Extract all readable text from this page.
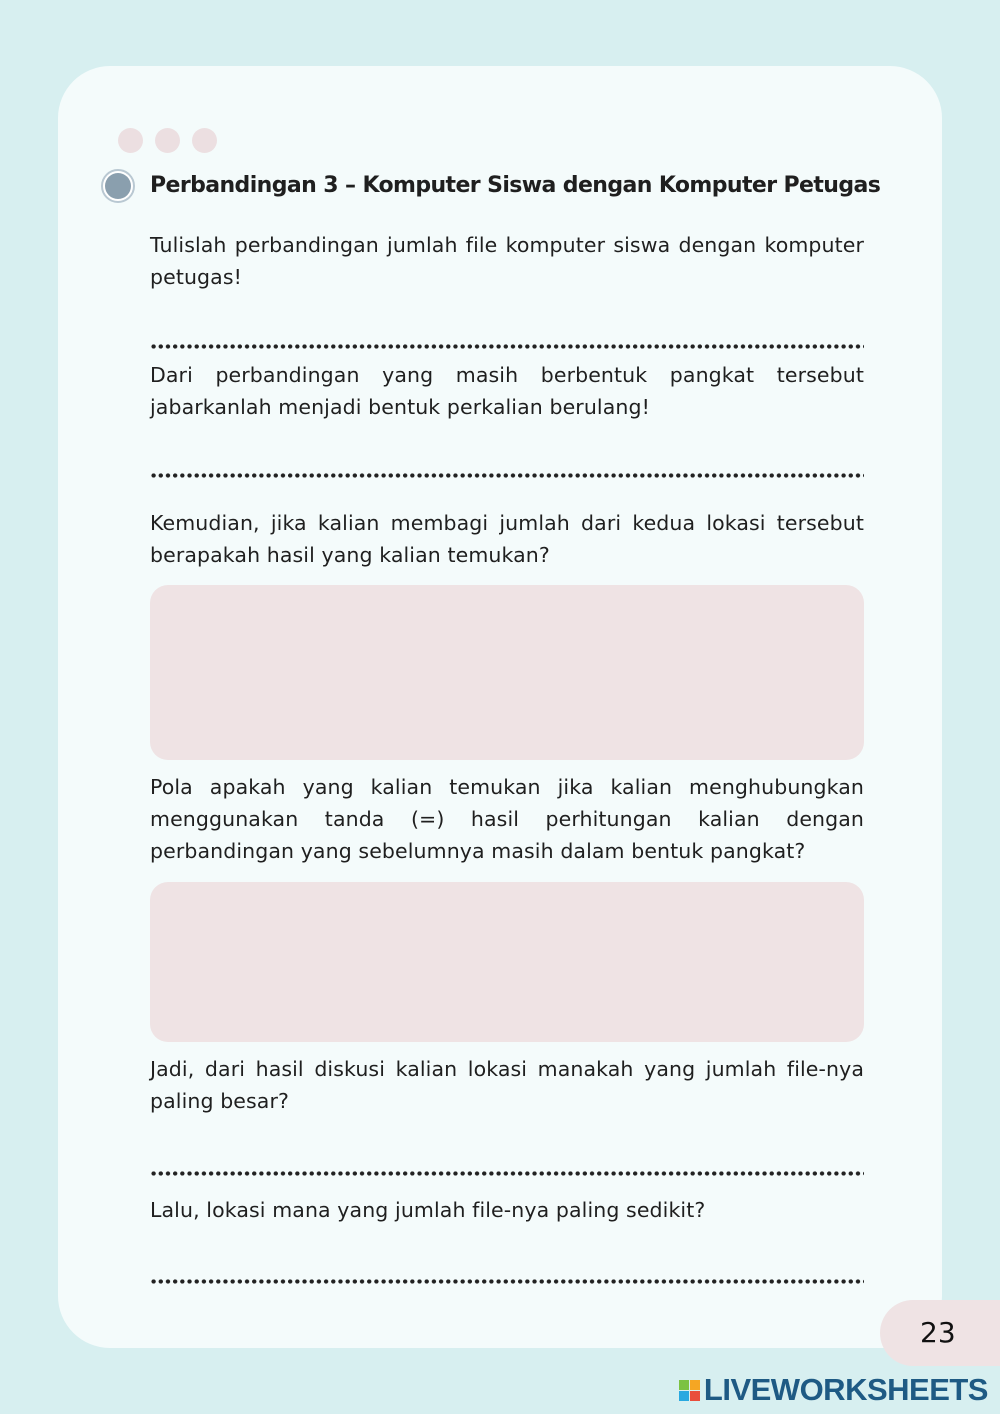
Perbandingan 3 – Komputer Siswa dengan Komputer Petugas
Tulislah perbandingan jumlah file komputer siswa dengan komputer petugas!
Dari perbandingan yang masih berbentuk pangkat tersebut jabarkanlah menjadi bentuk perkalian berulang!
Kemudian, jika kalian membagi jumlah dari kedua lokasi tersebut berapakah hasil yang kalian temukan?
Pola apakah yang kalian temukan jika kalian menghubungkan menggunakan tanda (=) hasil perhitungan kalian dengan perbandingan yang sebelumnya masih dalam bentuk pangkat?
Jadi, dari hasil diskusi kalian lokasi manakah yang jumlah file-nya paling besar?
Lalu, lokasi mana yang jumlah file-nya paling sedikit?
23
LIVEWORKSHEETS
